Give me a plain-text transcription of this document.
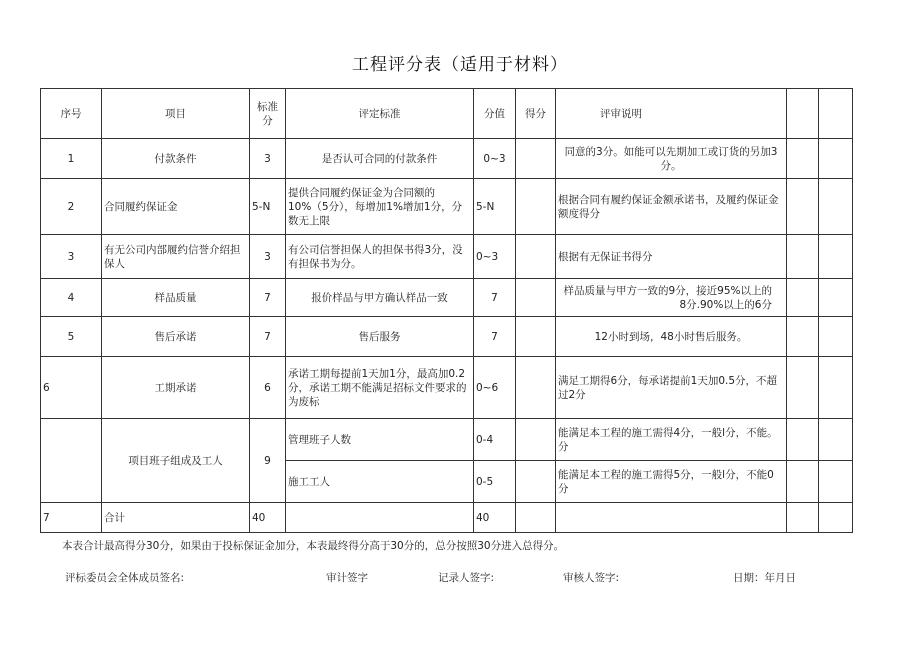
工程评分表（适用于材料）
序号	项目	标准分	评定标准	分值	得分	评审说明		
1	付款条件	3	是否认可合同的付款条件	0~3		同意的3分。如能可以先期加工或订货的另加3分。		
2	合同履约保证金	5-N	提供合同履约保证金为合同额的10%（5分），每增加1%增加1分，分数无上限	5-N		根据合同有履约保证金额承诺书，及履约保证金额度得分		
3	有无公司内部履约信誉介绍担保人	3	有公司信誉担保人的担保书得3分，没有担保书为分。	0~3		根据有无保证书得分		
4	样品质量	7	报价样品与甲方确认样品一致	7		样品质量与甲方一致的9分，接近95%以上的8分.90%以上的6分		
5	售后承诺	7	售后服务	7		12小时到场，48小时售后服务。		
6	工期承诺	6	承诺工期每提前1天加1分，最高加0.2分，承诺工期不能满足招标文件要求的为废标	0~6		满足工期得6分，每承诺提前1天加0.5分，不超过2分		
	项目班子组成及工人	9	管理班子人数	0-4		能满足本工程的施工需得4分，一般l分，不能。分		
			施工工人	0-5		能满足本工程的施工需得5分，一般l分，不能0分		
7	合计	40		40				
本表合计最高得分30分，如果由于投标保证金加分，本表最终得分高于30分的，总分按照30分进入总得分。
评标委员会全体成员签名:	审计签字	记录人签字:	审核人签字:	日期：年月日
